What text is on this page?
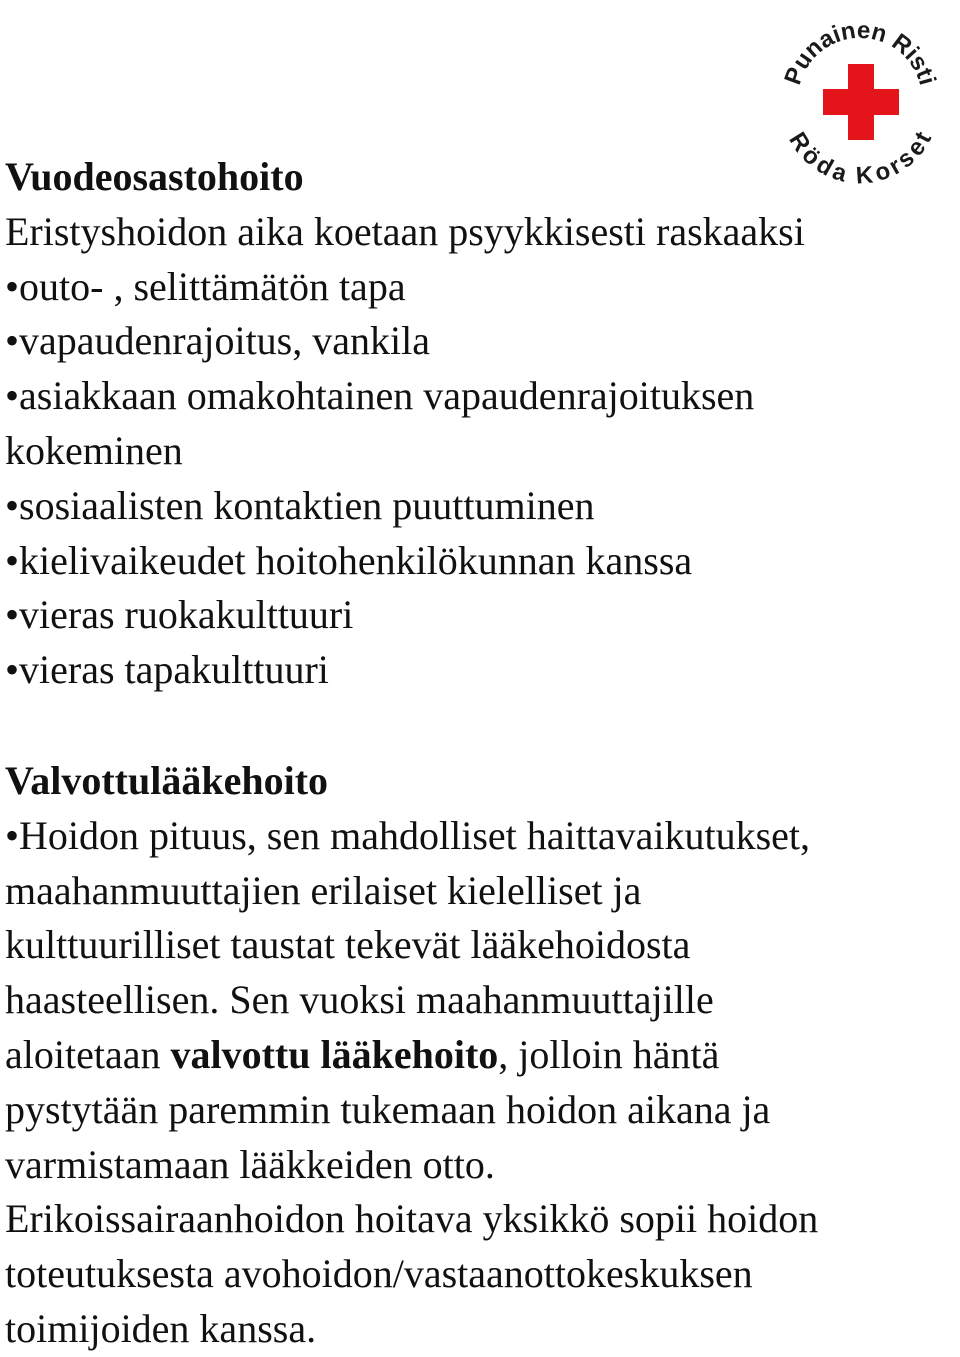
Punainen Risti
Röda Korset
Vuodeosastohoito
Eristyshoidon aika koetaan psyykkisesti raskaaksi
•outo- , selittämätön tapa
•vapaudenrajoitus, vankila
•asiakkaan omakohtainen vapaudenrajoituksen
kokeminen
•sosiaalisten kontaktien puuttuminen
•kielivaikeudet hoitohenkilökunnan kanssa
•vieras ruokakulttuuri
•vieras tapakulttuuri
Valvottulääkehoito
•Hoidon pituus, sen mahdolliset haittavaikutukset,
maahanmuuttajien erilaiset kielelliset ja
kulttuurilliset taustat tekevät lääkehoidosta
haasteellisen. Sen vuoksi maahanmuuttajille
aloitetaan valvottu lääkehoito, jolloin häntä
pystytään paremmin tukemaan hoidon aikana ja
varmistamaan lääkkeiden otto.
Erikoissairaanhoidon hoitava yksikkö sopii hoidon
toteutuksesta avohoidon/vastaanottokeskuksen
toimijoiden kanssa.
